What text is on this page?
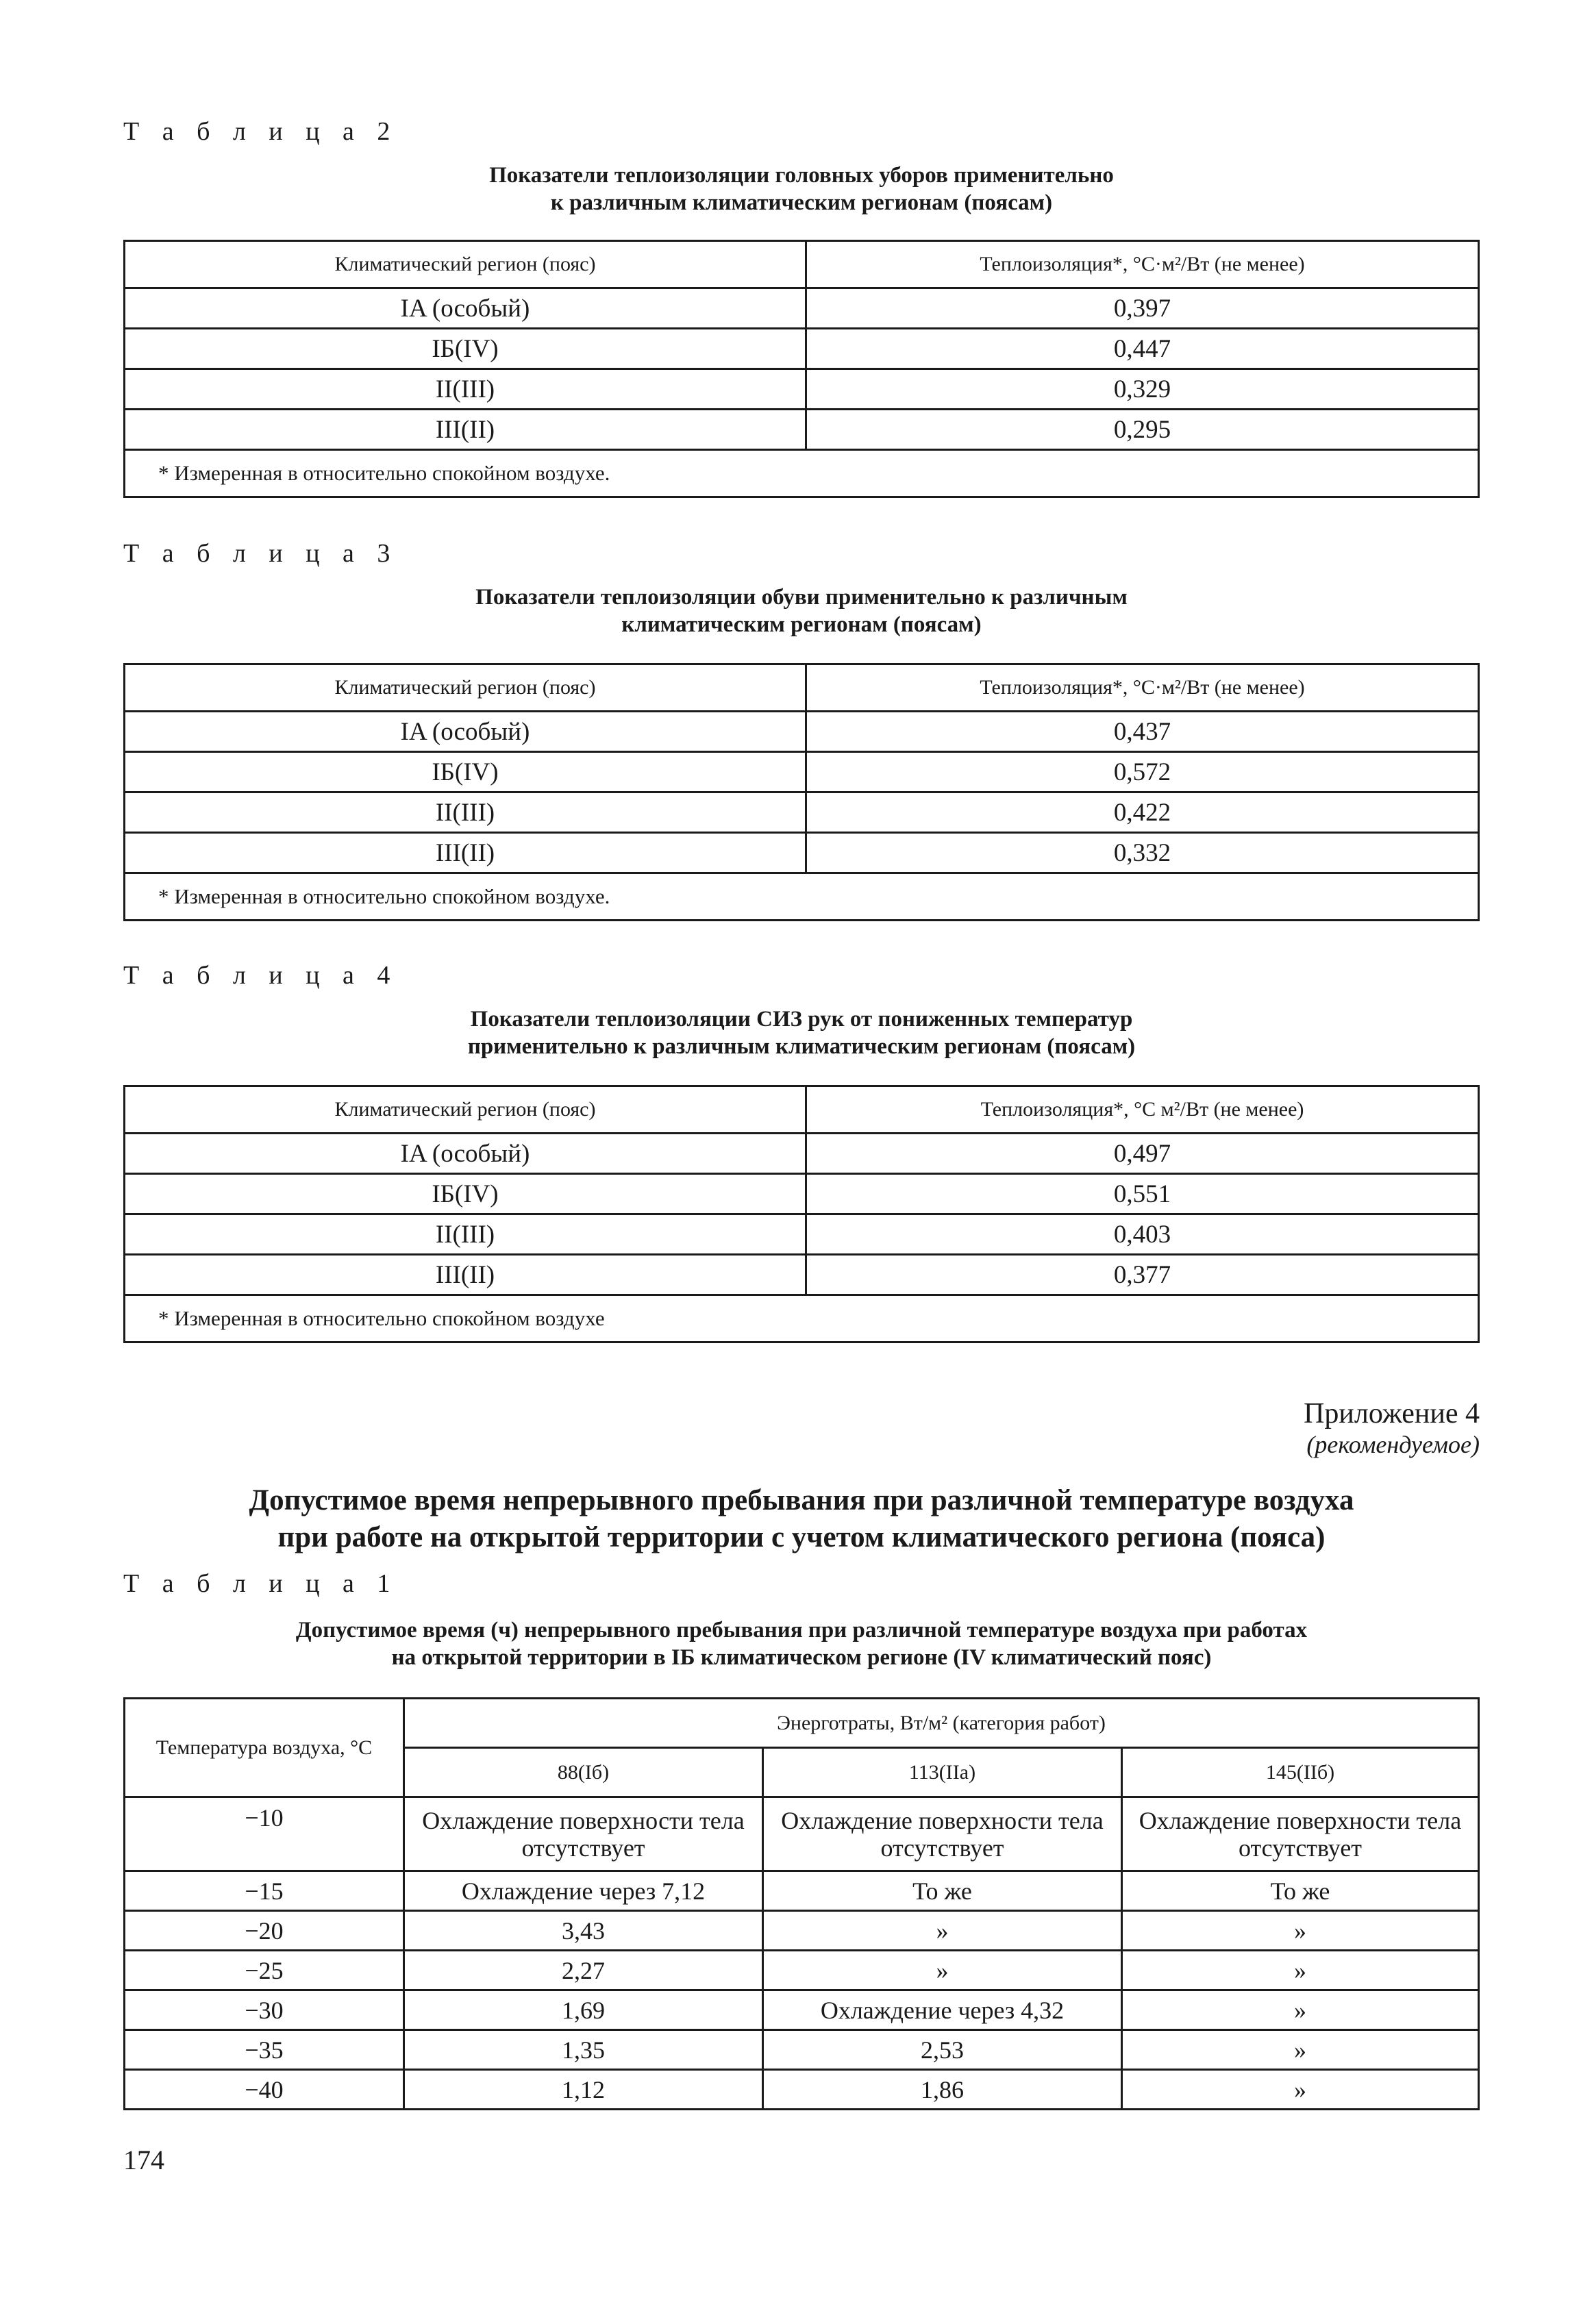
Т а б л и ц а 2
Показатели теплоизоляции головных уборов применительно
к различным климатическим регионам (поясам)
Климатический регион (пояс)	Теплоизоляция*, °С·м²/Вт (не менее)
IA (особый)	0,397
IБ(IV)	0,447
II(III)	0,329
III(II)	0,295
* Измеренная в относительно спокойном воздухе.	
Т а б л и ц а 3
Показатели теплоизоляции обуви применительно к различным
климатическим регионам (поясам)
Климатический регион (пояс)	Теплоизоляция*, °С·м²/Вт (не менее)
IA (особый)	0,437
IБ(IV)	0,572
II(III)	0,422
III(II)	0,332
* Измеренная в относительно спокойном воздухе.	
Т а б л и ц а 4
Показатели теплоизоляции СИЗ рук от пониженных температур
применительно к различным климатическим регионам (поясам)
Климатический регион (пояс)	Теплоизоляция*, °С м²/Вт (не менее)
IA (особый)	0,497
IБ(IV)	0,551
II(III)	0,403
III(II)	0,377
* Измеренная в относительно спокойном воздухе	
Приложение 4
(рекомендуемое)
Допустимое время непрерывного пребывания при различной температуре воздуха
при работе на открытой территории с учетом климатического региона (пояса)
Т а б л и ц а 1
Допустимое время (ч) непрерывного пребывания при различной температуре воздуха при работах
на открытой территории в IБ климатическом регионе (IV климатический пояс)
Температура воздуха, °С	Энерготраты, Вт/м² (категория работ)		
	88(Iб)	113(IIа)	145(IIб)
−10	Охлаждение поверхности тела отсутствует	Охлаждение поверхности тела отсутствует	Охлаждение поверхности тела отсутствует
−15	Охлаждение через 7,12	То же	То же
−20	3,43	»	»
−25	2,27	»	»
−30	1,69	Охлаждение через 4,32	»
−35	1,35	2,53	»
−40	1,12	1,86	»
174
